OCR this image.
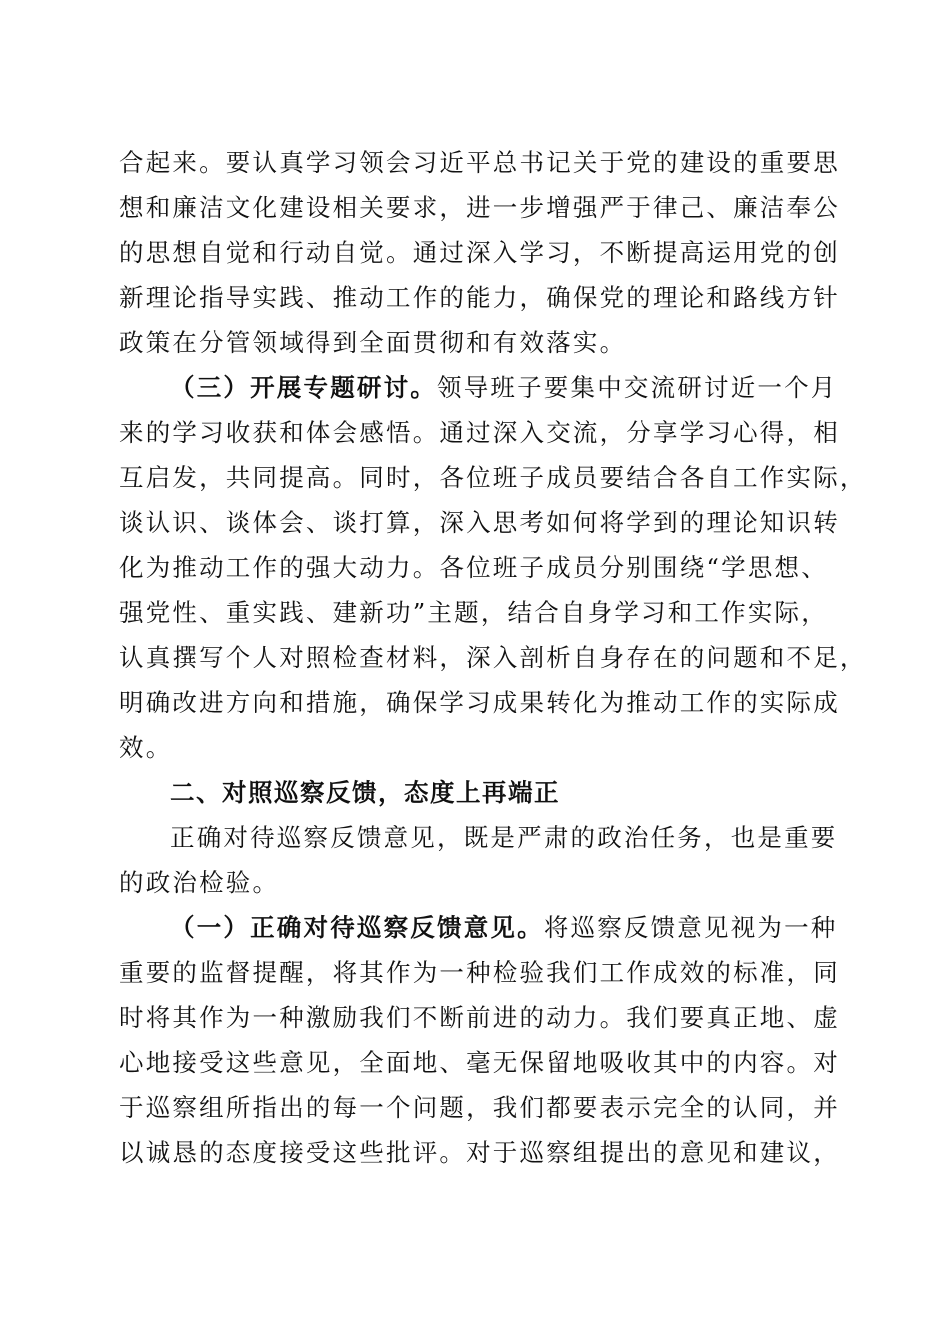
合起来。要认真学习领会习近平总书记关于党的建设的重要思
想和廉洁文化建设相关要求，进一步增强严于律己、廉洁奉公
的思想自觉和行动自觉。通过深入学习，不断提高运用党的创
新理论指导实践、推动工作的能力，确保党的理论和路线方针
政策在分管领域得到全面贯彻和有效落实。
（三）开展专题研讨。领导班子要集中交流研讨近一个月
来的学习收获和体会感悟。通过深入交流，分享学习心得，相
互启发，共同提高。同时，各位班子成员要结合各自工作实际，
谈认识、谈体会、谈打算，深入思考如何将学到的理论知识转
化为推动工作的强大动力。各位班子成员分别围绕“学思想、
强党性、重实践、建新功”主题，结合自身学习和工作实际，
认真撰写个人对照检查材料，深入剖析自身存在的问题和不足，
明确改进方向和措施，确保学习成果转化为推动工作的实际成
效。
二、对照巡察反馈，态度上再端正
正确对待巡察反馈意见，既是严肃的政治任务，也是重要
的政治检验。
（一）正确对待巡察反馈意见。将巡察反馈意见视为一种
重要的监督提醒，将其作为一种检验我们工作成效的标准，同
时将其作为一种激励我们不断前进的动力。我们要真正地、虚
心地接受这些意见，全面地、毫无保留地吸收其中的内容。对
于巡察组所指出的每一个问题，我们都要表示完全的认同，并
以诚恳的态度接受这些批评。对于巡察组提出的意见和建议，
